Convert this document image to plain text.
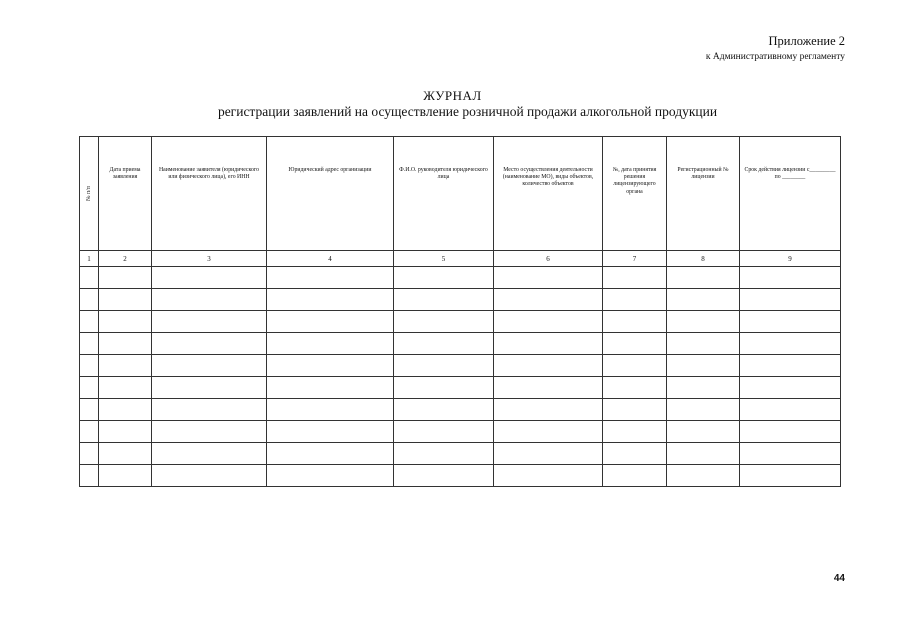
Приложение 2
к Административному регламенту
ЖУРНАЛ
регистрации заявлений на осуществление розничной продажи алкогольной продукции
№ п/п	Дата приема заявления	Наименование заявителя (юридического или физического лица), его ИНН	Юридический адрес организации	Ф.И.О. руководителя юридического лица	Место осуществления деятельности (наименование МО), виды объектов, количество объектов	№, дата принятия решения лицензирующего органа	Регистрационный № лицензии	Срок действия лицензии с_________ по ________
1	2	3	4	5	6	7	8	9

44
